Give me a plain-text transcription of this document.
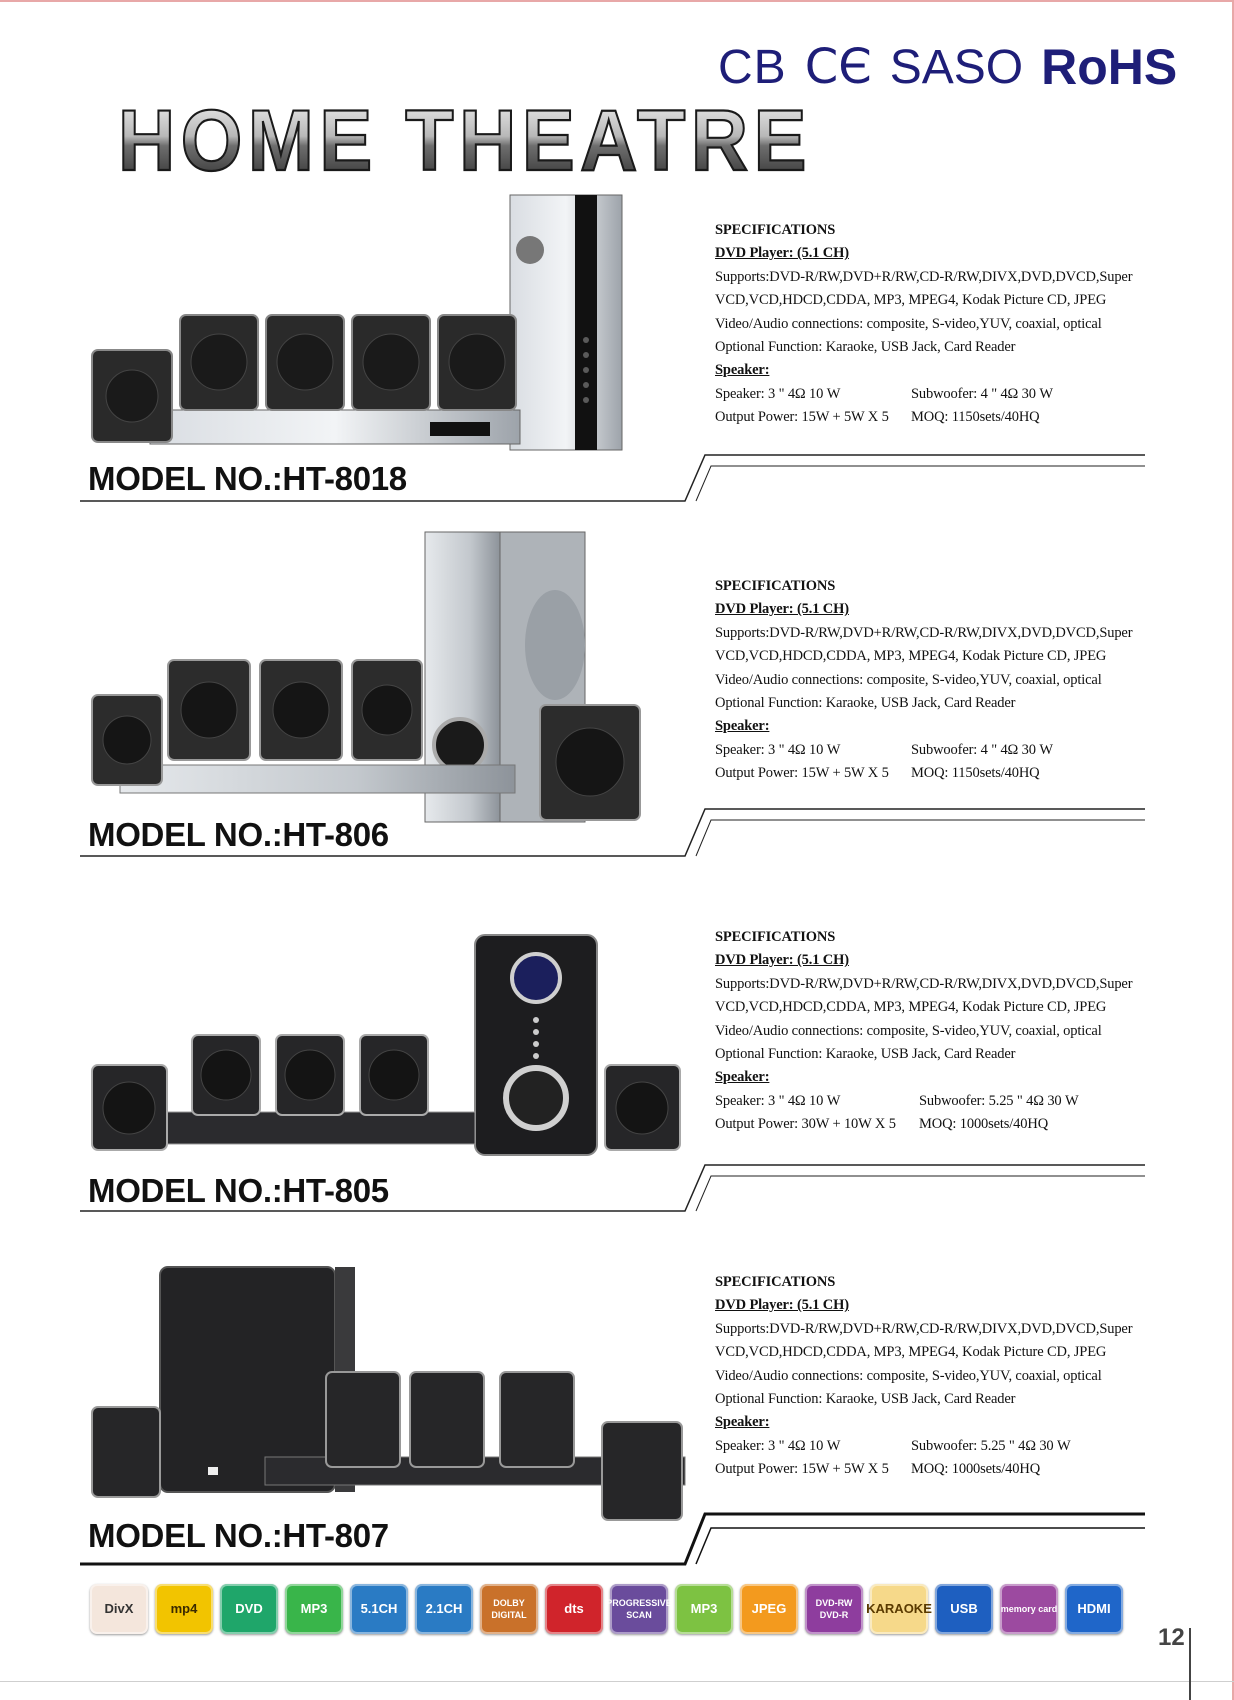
CB CЄ SASO RoHS
HOME THEATRE
SPECIFICATIONS
DVD Player: (5.1 CH)
Supports:DVD-R/RW,DVD+R/RW,CD-R/RW,DIVX,DVD,DVCD,Super
VCD,VCD,HDCD,CDDA, MP3, MPEG4, Kodak Picture CD, JPEG
Video/Audio connections: composite, S-video,YUV, coaxial, optical
Optional Function: Karaoke, USB Jack, Card Reader
Speaker:
Speaker: 3 " 4Ω 10 W	Subwoofer: 4 " 4Ω 30 W
Output Power: 15W + 5W X 5	MOQ: 1150sets/40HQ
MODEL NO.:HT-8018
SPECIFICATIONS
DVD Player: (5.1 CH)
Supports:DVD-R/RW,DVD+R/RW,CD-R/RW,DIVX,DVD,DVCD,Super
VCD,VCD,HDCD,CDDA, MP3, MPEG4, Kodak Picture CD, JPEG
Video/Audio connections: composite, S-video,YUV, coaxial, optical
Optional Function: Karaoke, USB Jack, Card Reader
Speaker:
Speaker: 3 " 4Ω 10 W	Subwoofer: 4 " 4Ω 30 W
Output Power: 15W + 5W X 5	MOQ: 1150sets/40HQ
MODEL NO.:HT-806
SPECIFICATIONS
DVD Player: (5.1 CH)
Supports:DVD-R/RW,DVD+R/RW,CD-R/RW,DIVX,DVD,DVCD,Super
VCD,VCD,HDCD,CDDA, MP3, MPEG4, Kodak Picture CD, JPEG
Video/Audio connections: composite, S-video,YUV, coaxial, optical
Optional Function: Karaoke, USB Jack, Card Reader
Speaker:
Speaker: 3 " 4Ω 10 W	Subwoofer: 5.25 " 4Ω 30 W
Output Power: 30W + 10W X 5	MOQ: 1000sets/40HQ
MODEL NO.:HT-805
SPECIFICATIONS
DVD Player: (5.1 CH)
Supports:DVD-R/RW,DVD+R/RW,CD-R/RW,DIVX,DVD,DVCD,Super
VCD,VCD,HDCD,CDDA, MP3, MPEG4, Kodak Picture CD, JPEG
Video/Audio connections: composite, S-video,YUV, coaxial, optical
Optional Function: Karaoke, USB Jack, Card Reader
Speaker:
Speaker: 3 " 4Ω 10 W	Subwoofer: 5.25 " 4Ω 30 W
Output Power: 15W + 5W X 5	MOQ: 1000sets/40HQ
MODEL NO.:HT-807
DivX	mp4	DVD	MP3	5.1CH	2.1CH	DOLBY DIGITAL	dts	PROGRESSIVE SCAN	MP3	JPEG	DVD-RW DVD-R	KARAOKE	USB	memory card	HDMI
12
